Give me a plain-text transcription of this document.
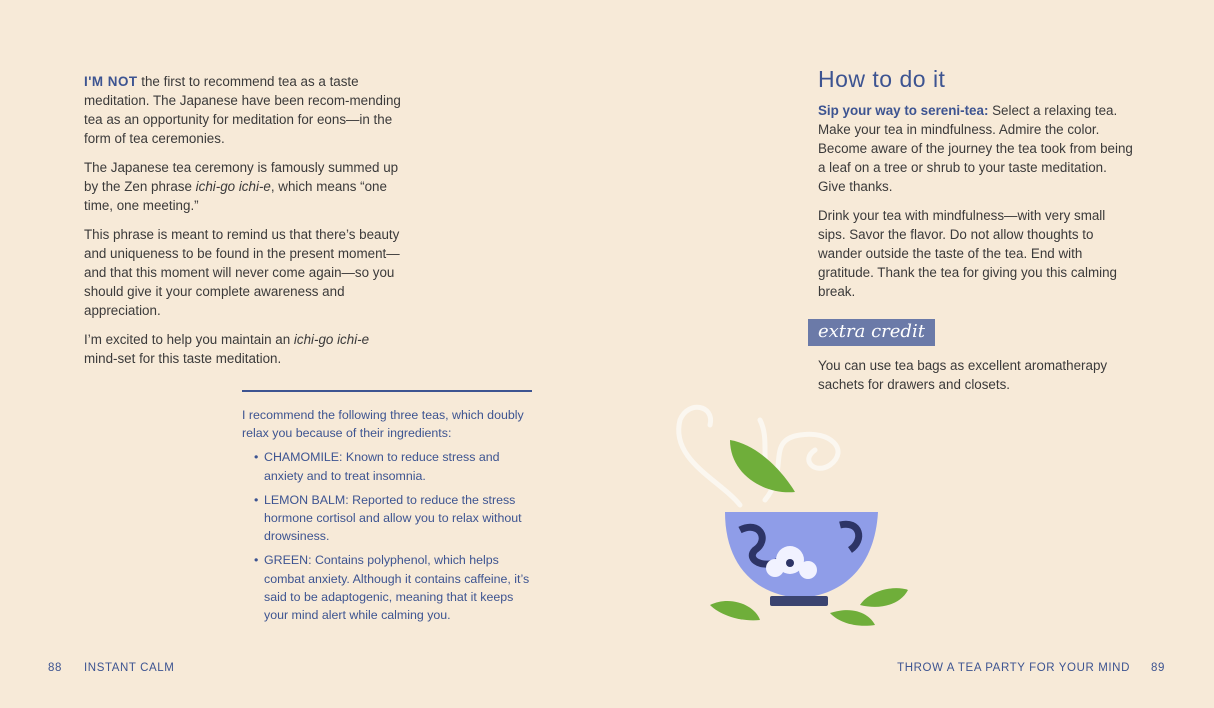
I'M NOT the first to recommend tea as a taste meditation. The Japanese have been recom-mending tea as an opportunity for meditation for eons—in the form of tea ceremonies.

The Japanese tea ceremony is famously summed up by the Zen phrase ichi-go ichi-e, which means “one time, one meeting.”

This phrase is meant to remind us that there’s beauty and uniqueness to be found in the present moment—and that this moment will never come again—so you should give it your complete awareness and appreciation.

I’m excited to help you maintain an ichi-go ichi-e mind-set for this taste meditation.

I recommend the following three teas, which doubly relax you because of their ingredients:

• CHAMOMILE: Known to reduce stress and anxiety and to treat insomnia.
• LEMON BALM: Reported to reduce the stress hormone cortisol and allow you to relax without drowsiness.
• GREEN: Contains polyphenol, which helps combat anxiety. Although it contains caffeine, it’s said to be adaptogenic, meaning that it keeps your mind alert while calming you.
How to do it

Sip your way to sereni-tea: Select a relaxing tea. Make your tea in mindfulness. Admire the color. Become aware of the journey the tea took from being a leaf on a tree or shrub to your taste meditation. Give thanks.

Drink your tea with mindfulness—with very small sips. Savor the flavor. Do not allow thoughts to wander outside the taste of the tea. End with gratitude. Thank the tea for giving you this calming break.

extra credit

You can use tea bags as excellent aromatherapy sachets for drawers and closets.

88 INSTANT CALM	THROW A TEA PARTY FOR YOUR MIND 89
